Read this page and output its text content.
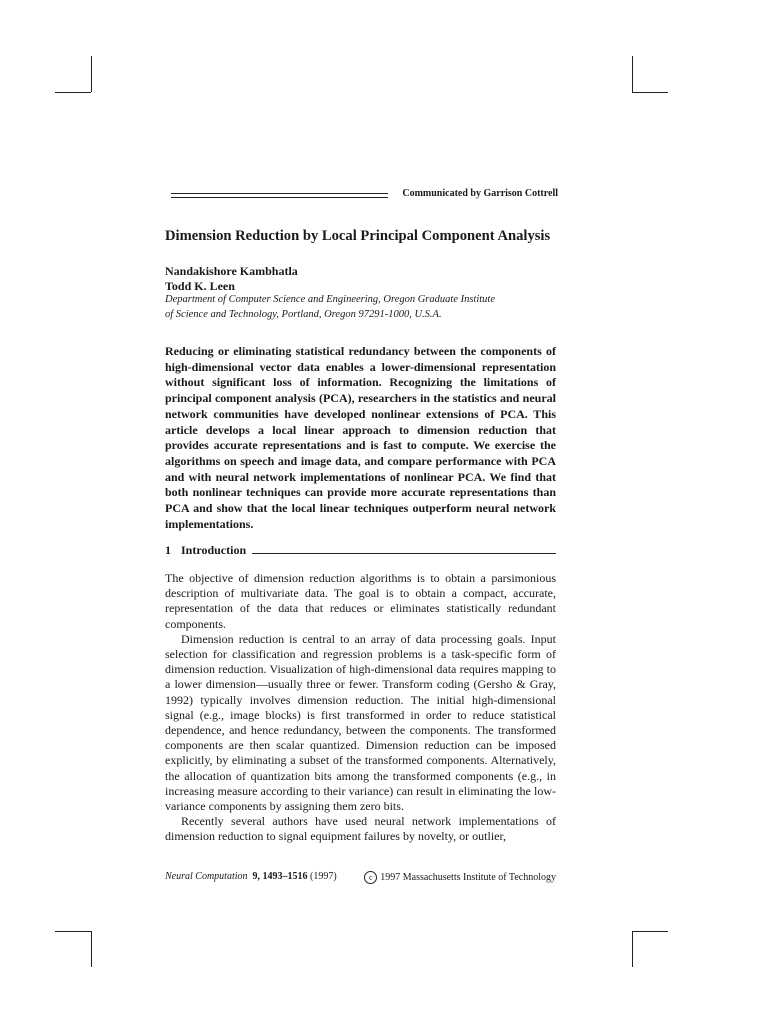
Communicated by Garrison Cottrell
Dimension Reduction by Local Principal Component Analysis
Nandakishore Kambhatla
Todd K. Leen
Department of Computer Science and Engineering, Oregon Graduate Institute
of Science and Technology, Portland, Oregon 97291-1000, U.S.A.
Reducing or eliminating statistical redundancy between the components of high-dimensional vector data enables a lower-dimensional representation without significant loss of information. Recognizing the limitations of principal component analysis (PCA), researchers in the statistics and neural network communities have developed nonlinear extensions of PCA. This article develops a local linear approach to dimension reduction that provides accurate representations and is fast to compute. We exercise the algorithms on speech and image data, and compare performance with PCA and with neural network implementations of nonlinear PCA. We find that both nonlinear techniques can provide more accurate representations than PCA and show that the local linear techniques outperform neural network implementations.
1 Introduction

The objective of dimension reduction algorithms is to obtain a parsimonious description of multivariate data. The goal is to obtain a compact, accurate, representation of the data that reduces or eliminates statistically redundant components.

Dimension reduction is central to an array of data processing goals. Input selection for classification and regression problems is a task-specific form of dimension reduction. Visualization of high-dimensional data requires mapping to a lower dimension—usually three or fewer. Transform coding (Gersho & Gray, 1992) typically involves dimension reduction. The initial high-dimensional signal (e.g., image blocks) is first transformed in order to reduce statistical dependence, and hence redundancy, between the components. The transformed components are then scalar quantized. Dimension reduction can be imposed explicitly, by eliminating a subset of the transformed components. Alternatively, the allocation of quantization bits among the transformed components (e.g., in increasing measure according to their variance) can result in eliminating the low-variance components by assigning them zero bits.

Recently several authors have used neural network implementations of dimension reduction to signal equipment failures by novelty, or outlier,

Neural Computation 9, 1493–1516 (1997)	c 1997 Massachusetts Institute of Technology
